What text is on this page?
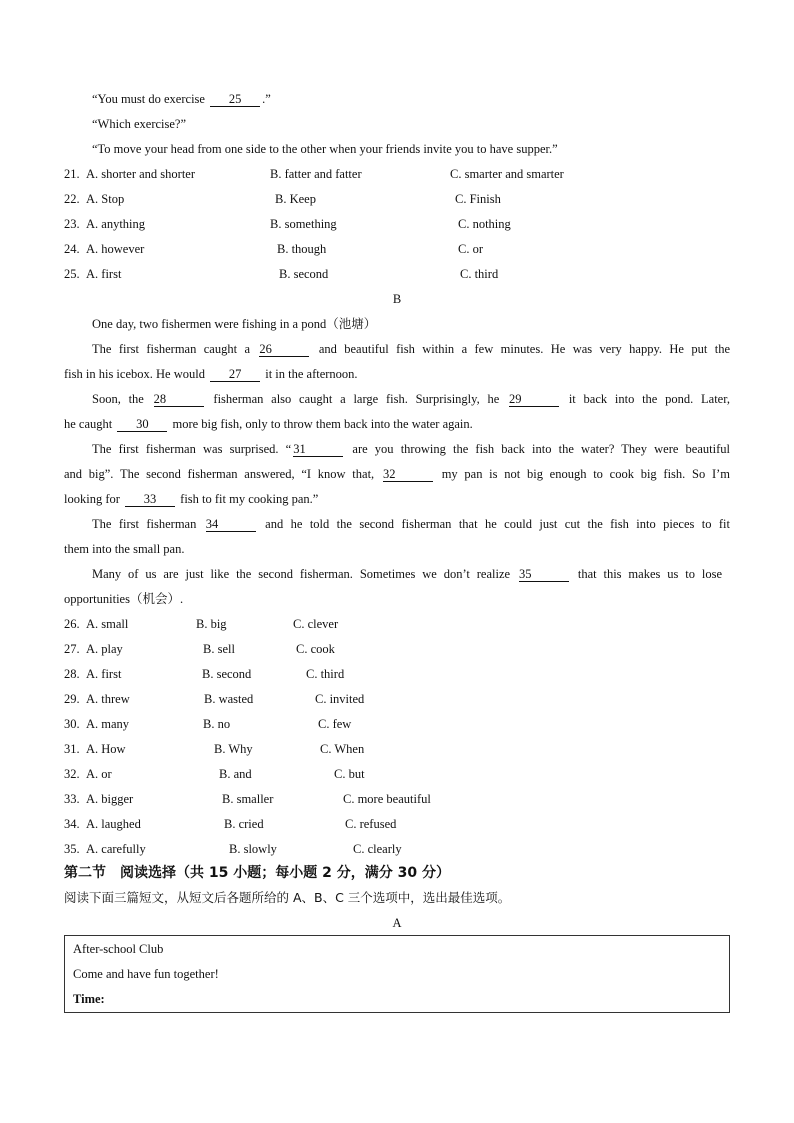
“You must do exercise 25 .”
“Which exercise?”
“To move your head from one side to the other when your friends invite you to have supper.”
21. A. shorter and shorter	B. fatter and fatter	C. smarter and smarter
22. A. Stop	B. Keep	C. Finish
23. A. anything	B. something	C. nothing
24. A. however	B. though	C. or
25. A. first	B. second	C. third
B
One day, two fishermen were fishing in a pond（池塘）
The first fisherman caught a 26	and beautiful fish within a few minutes. He was very happy. He put the
fish in his icebox. He would 27 it in the afternoon.
Soon, the 28	fisherman also caught a large fish. Surprisingly, he 29	it back into the pond. Later,
he caught 30 more big fish, only to throw them back into the water again.
The first fisherman was surprised. “ 31	are you throwing the fish back into the water? They were beautiful
and big”. The second fisherman answered, “I know that, 32	my pan is not big enough to cook big fish. So I’m
looking for 33 fish to fit my cooking pan.”
The first fisherman 34	and he told the second fisherman that he could just cut the fish into pieces to fit
them into the small pan.
Many of us are just like the second fisherman. Sometimes we don’t realize 35	that this makes us to lose
opportunities（机会）.
26. A. small	B. big	C. clever
27. A. play	B. sell	C. cook
28. A. first	B. second	C. third
29. A. threw	B. wasted	C. invited
30. A. many	B. no	C. few
31. A. How	B. Why	C. When
32. A. or	B. and	C. but
33. A. bigger	B. smaller	C. more beautiful
34. A. laughed	B. cried	C. refused
35. A. carefully	B. slowly	C. clearly
第二节　阅读选择（共 15 小题；每小题 2 分，满分 30 分）
阅读下面三篇短文，从短文后各题所给的 A、B、C 三个选项中，选出最佳选项。
A
After-school Club
Come and have fun together!
Time:
